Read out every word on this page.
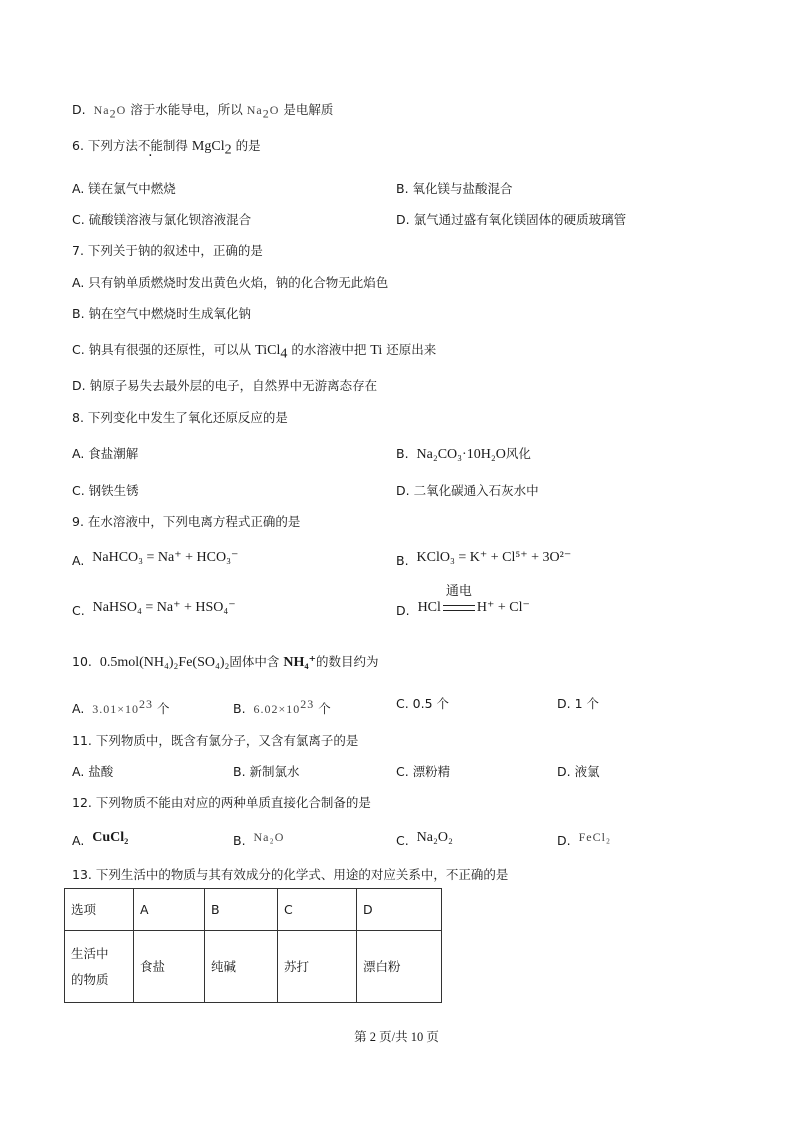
D. $Na_2O$ 溶于水能导电，所以 $Na_2O$ 是电解质
6. 下列方法不能制得 MgCl$_2$ 的是
A. 镁在氯气中燃烧	B. 氧化镁与盐酸混合
C. 硫酸镁溶液与氯化钡溶液混合	D. 氯气通过盛有氧化镁固体的硬质玻璃管
7. 下列关于钠的叙述中，正确的是
A. 只有钠单质燃烧时发出黄色火焰，钠的化合物无此焰色
B. 钠在空气中燃烧时生成氧化钠
C. 钠具有很强的还原性，可以从 TiCl$_4$ 的水溶液中把 Ti 还原出来
D. 钠原子易失去最外层的电子，自然界中无游离态存在
8. 下列变化中发生了氧化还原反应的是
A. 食盐潮解	B. Na₂CO₃·10H₂O风化
C. 钢铁生锈	D. 二氧化碳通入石灰水中
9. 在水溶液中，下列电离方程式正确的是
A. NaHCO₃ = Na⁺ + HCO₃⁻	B. KClO₃ = K⁺ + Cl⁵⁺ + 3O²⁻
C. NaHSO₄ = Na⁺ + HSO₄⁻	D. HCl
通电
H⁺ + Cl⁻
10. 0.5mol(NH₄)₂Fe(SO₄)₂固体中含 NH₄⁺的数目约为
A. $3.01\times 10^{23}$ 个	B. $6.02\times 10^{23}$ 个	C. 0.5 个	D. 1 个
11. 下列物质中，既含有氯分子，又含有氯离子的是
A. 盐酸	B. 新制氯水	C. 漂粉精	D. 液氯
12. 下列物质不能由对应的两种单质直接化合制备的是
A. CuCl₂	B. Na₂O	C. Na₂O₂	D. FeCl₂
13. 下列生活中的物质与其有效成分的化学式、用途的对应关系中，不正确的是
选项	A	B	C	D
生活中
的物质	食盐	纯碱	苏打	漂白粉
第 2 页/共 10 页
